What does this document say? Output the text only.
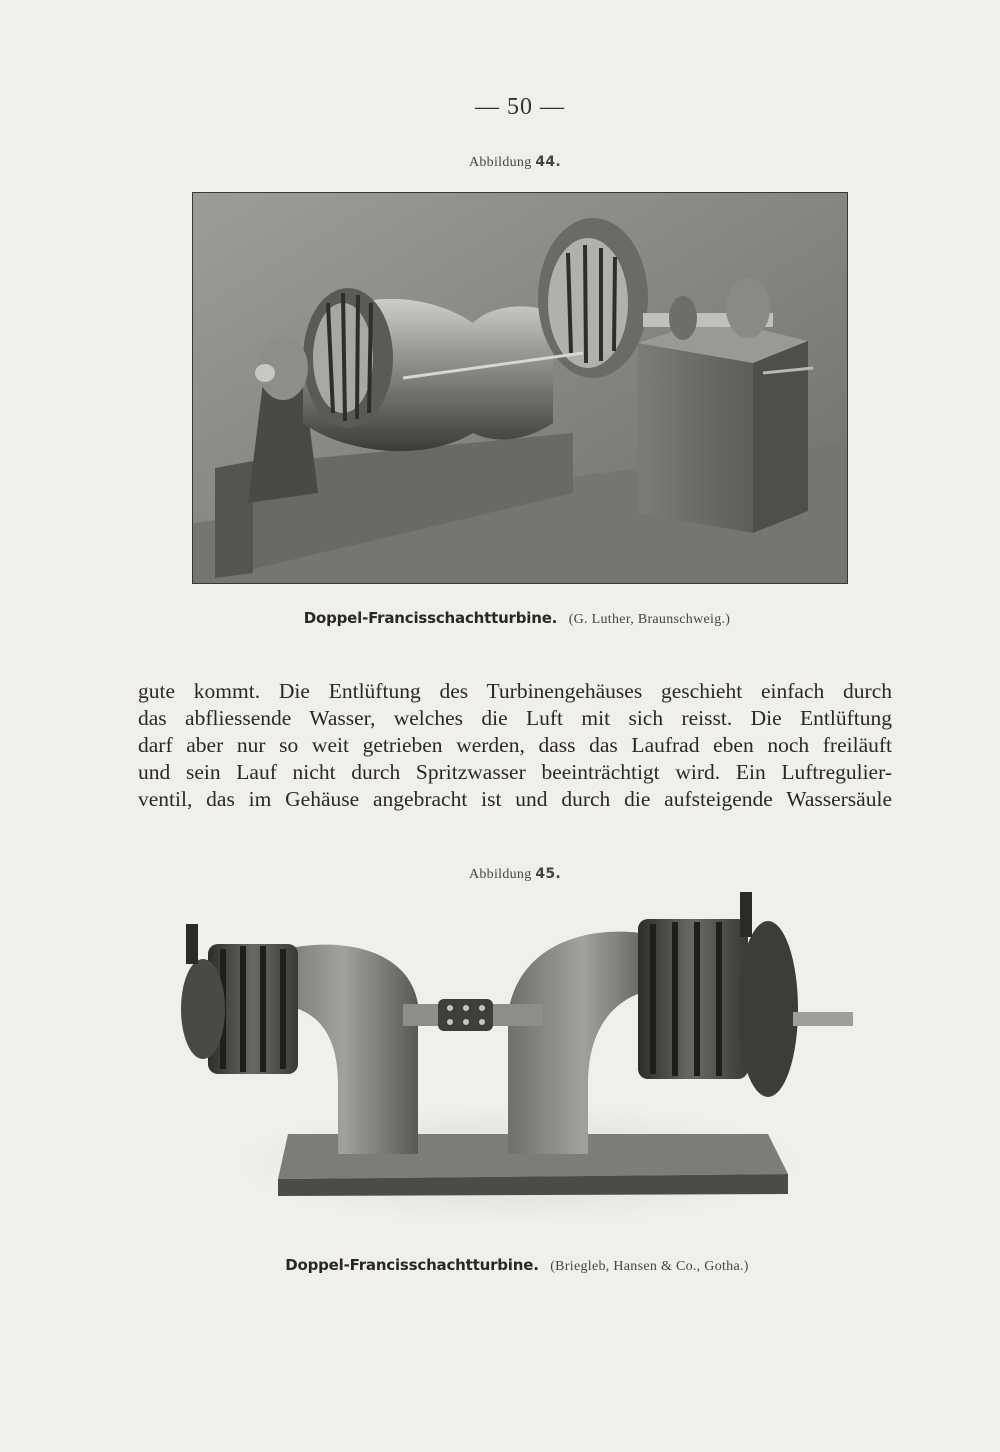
— 50 —
Abbildung 44.
Doppel-Francisschachtturbine. (G. Luther, Braunschweig.)
gute kommt. Die Entlüftung des Turbinengehäuses geschieht einfach durch
das abfliessende Wasser, welches die Luft mit sich reisst. Die Entlüftung
darf aber nur so weit getrieben werden, dass das Laufrad eben noch freiläuft
und sein Lauf nicht durch Spritzwasser beeinträchtigt wird. Ein Luftregulier-
ventil, das im Gehäuse angebracht ist und durch die aufsteigende Wassersäule
Abbildung 45.
Doppel-Francisschachtturbine. (Briegleb, Hansen & Co., Gotha.)
